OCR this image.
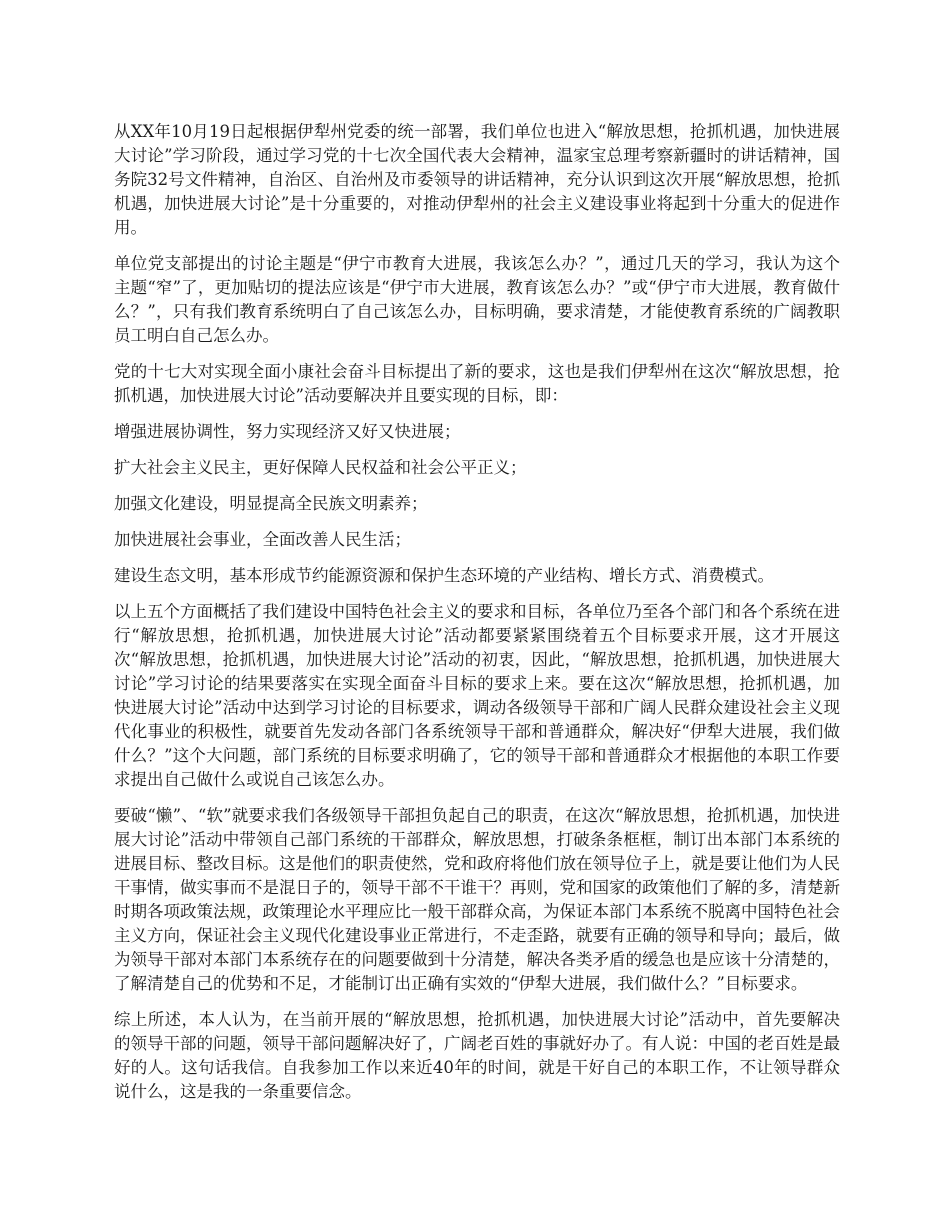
从XX年10月19日起根据伊犁州党委的统一部署，我们单位也进入“解放思想，抢抓机遇，加快进展大讨论”学习阶段，通过学习党的十七次全国代表大会精神，温家宝总理考察新疆时的讲话精神，国务院32号文件精神，自治区、自治州及市委领导的讲话精神，充分认识到这次开展“解放思想，抢抓机遇，加快进展大讨论”是十分重要的，对推动伊犁州的社会主义建设事业将起到十分重大的促进作用。

单位党支部提出的讨论主题是“伊宁市教育大进展，我该怎么办？”，通过几天的学习，我认为这个主题“窄”了，更加贴切的提法应该是“伊宁市大进展，教育该怎么办？”或“伊宁市大进展，教育做什么？”，只有我们教育系统明白了自己该怎么办，目标明确，要求清楚，才能使教育系统的广阔教职员工明白自己怎么办。

党的十七大对实现全面小康社会奋斗目标提出了新的要求，这也是我们伊犁州在这次“解放思想，抢抓机遇，加快进展大讨论”活动要解决并且要实现的目标，即：

增强进展协调性，努力实现经济又好又快进展；

扩大社会主义民主，更好保障人民权益和社会公平正义；

加强文化建设，明显提高全民族文明素养；

加快进展社会事业，全面改善人民生活；

建设生态文明，基本形成节约能源资源和保护生态环境的产业结构、增长方式、消费模式。

以上五个方面概括了我们建设中国特色社会主义的要求和目标，各单位乃至各个部门和各个系统在进行“解放思想，抢抓机遇，加快进展大讨论”活动都要紧紧围绕着五个目标要求开展，这才开展这次“解放思想，抢抓机遇，加快进展大讨论”活动的初衷，因此，“解放思想，抢抓机遇，加快进展大讨论”学习讨论的结果要落实在实现全面奋斗目标的要求上来。要在这次“解放思想，抢抓机遇，加快进展大讨论”活动中达到学习讨论的目标要求，调动各级领导干部和广阔人民群众建设社会主义现代化事业的积极性，就要首先发动各部门各系统领导干部和普通群众，解决好“伊犁大进展，我们做什么？”这个大问题，部门系统的目标要求明确了，它的领导干部和普通群众才根据他的本职工作要求提出自己做什么或说自己该怎么办。

要破“懒”、“软”就要求我们各级领导干部担负起自己的职责，在这次“解放思想，抢抓机遇，加快进展大讨论”活动中带领自己部门系统的干部群众，解放思想，打破条条框框，制订出本部门本系统的进展目标、整改目标。这是他们的职责使然，党和政府将他们放在领导位子上，就是要让他们为人民干事情，做实事而不是混日子的，领导干部不干谁干？再则，党和国家的政策他们了解的多，清楚新时期各项政策法规，政策理论水平理应比一般干部群众高，为保证本部门本系统不脱离中国特色社会主义方向，保证社会主义现代化建设事业正常进行，不走歪路，就要有正确的领导和导向；最后，做为领导干部对本部门本系统存在的问题要做到十分清楚，解决各类矛盾的缓急也是应该十分清楚的，了解清楚自己的优势和不足，才能制订出正确有实效的“伊犁大进展，我们做什么？”目标要求。

综上所述，本人认为，在当前开展的“解放思想，抢抓机遇，加快进展大讨论”活动中，首先要解决的领导干部的问题，领导干部问题解决好了，广阔老百姓的事就好办了。有人说：中国的老百姓是最好的人。这句话我信。自我参加工作以来近40年的时间，就是干好自己的本职工作，不让领导群众说什么，这是我的一条重要信念。
